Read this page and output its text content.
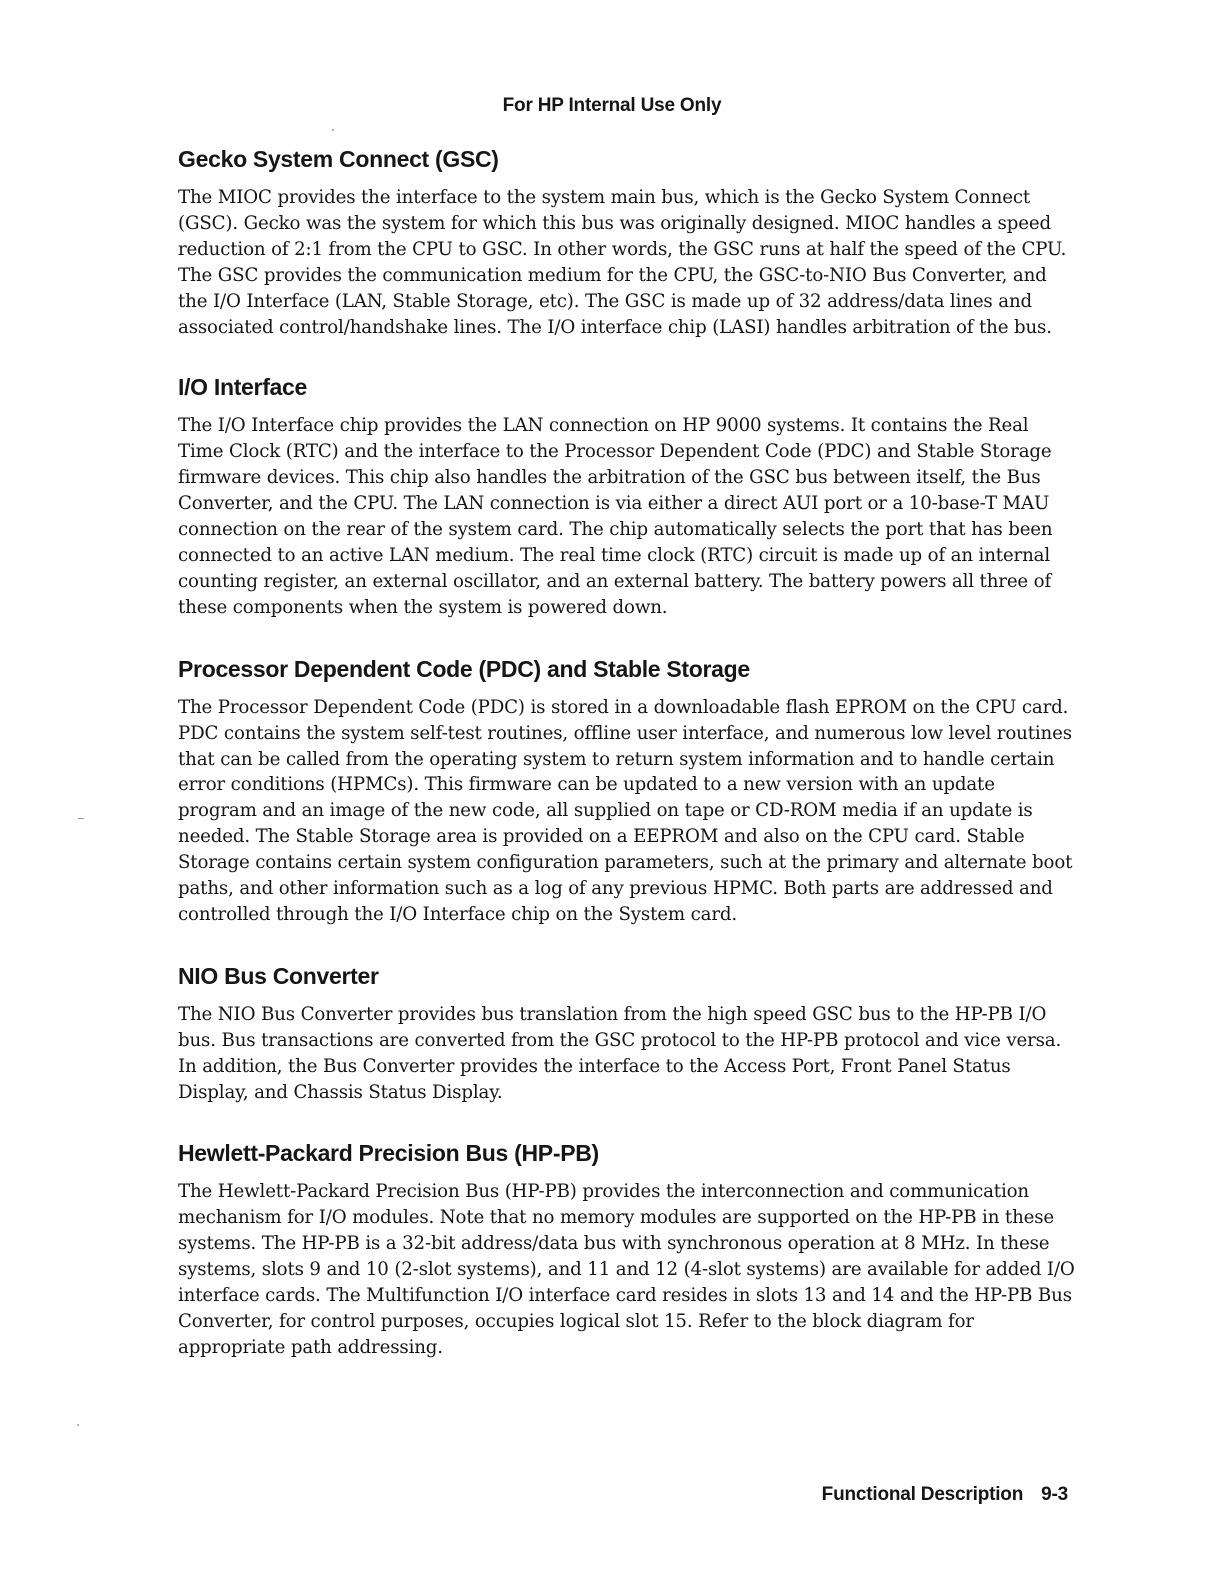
For HP Internal Use Only
Gecko System Connect (GSC)

The MIOC provides the interface to the system main bus, which is the Gecko System Connect (GSC). Gecko was the system for which this bus was originally designed. MIOC handles a speed reduction of 2:1 from the CPU to GSC. In other words, the GSC runs at half the speed of the CPU. The GSC provides the communication medium for the CPU, the GSC-to-NIO Bus Converter, and the I/O Interface (LAN, Stable Storage, etc). The GSC is made up of 32 address/data lines and associated control/handshake lines. The I/O interface chip (LASI) handles arbitration of the bus.

I/O Interface

The I/O Interface chip provides the LAN connection on HP 9000 systems. It contains the Real Time Clock (RTC) and the interface to the Processor Dependent Code (PDC) and Stable Storage firmware devices. This chip also handles the arbitration of the GSC bus between itself, the Bus Converter, and the CPU. The LAN connection is via either a direct AUI port or a 10-base-T MAU connection on the rear of the system card. The chip automatically selects the port that has been connected to an active LAN medium. The real time clock (RTC) circuit is made up of an internal counting register, an external oscillator, and an external battery. The battery powers all three of these components when the system is powered down.

Processor Dependent Code (PDC) and Stable Storage

The Processor Dependent Code (PDC) is stored in a downloadable flash EPROM on the CPU card. PDC contains the system self-test routines, offline user interface, and numerous low level routines that can be called from the operating system to return system information and to handle certain error conditions (HPMCs). This firmware can be updated to a new version with an update program and an image of the new code, all supplied on tape or CD-ROM media if an update is needed. The Stable Storage area is provided on a EEPROM and also on the CPU card. Stable Storage contains certain system configuration parameters, such at the primary and alternate boot paths, and other information such as a log of any previous HPMC. Both parts are addressed and controlled through the I/O Interface chip on the System card.

NIO Bus Converter

The NIO Bus Converter provides bus translation from the high speed GSC bus to the HP-PB I/O bus. Bus transactions are converted from the GSC protocol to the HP-PB protocol and vice versa. In addition, the Bus Converter provides the interface to the Access Port, Front Panel Status Display, and Chassis Status Display.

Hewlett-Packard Precision Bus (HP-PB)

The Hewlett-Packard Precision Bus (HP-PB) provides the interconnection and communication mechanism for I/O modules. Note that no memory modules are supported on the HP-PB in these systems. The HP-PB is a 32-bit address/data bus with synchronous operation at 8 MHz. In these systems, slots 9 and 10 (2-slot systems), and 11 and 12 (4-slot systems) are available for added I/O interface cards. The Multifunction I/O interface card resides in slots 13 and 14 and the HP-PB Bus Converter, for control purposes, occupies logical slot 15. Refer to the block diagram for appropriate path addressing.

Functional Description 9-3
